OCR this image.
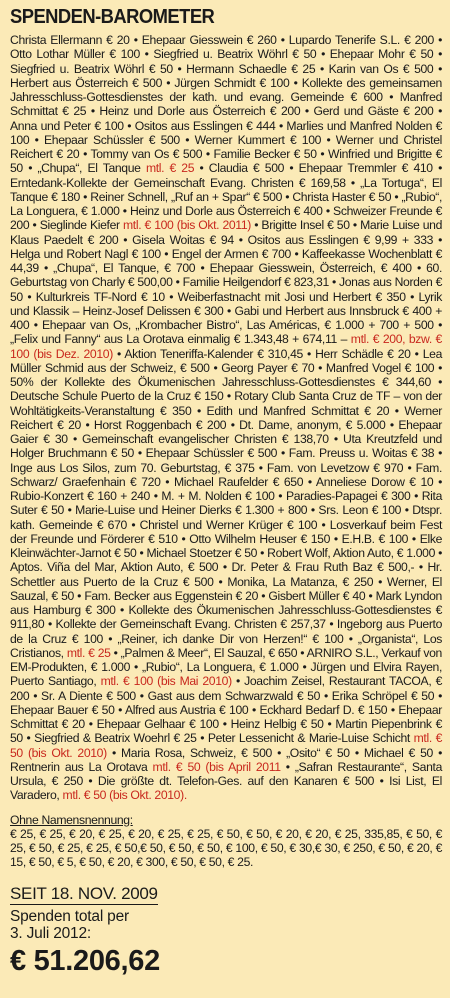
SPENDEN-BAROMETER

Christa Ellermann € 20 • Ehepaar Giesswein € 260 • Lupardo Tenerife S.L. € 200 • Otto Lothar Müller € 100 • Siegfried u. Beatrix Wöhrl € 50 • Ehepaar Mohr € 50 • Siegfried u. Beatrix Wöhrl € 50 • Hermann Schaedle € 25 • Karin van Os € 500 • Herbert aus Österreich € 500 • Jürgen Schmidt € 100 • Kollekte des gemeinsamen Jahresschluss-Gottesdienstes der kath. und evang. Gemeinde € 600 • Manfred Schmittat € 25 • Heinz und Dorle aus Österreich € 200 • Gerd und Gäste € 200 • Anna und Peter € 100 • Ositos aus Esslingen € 444 • Marlies und Manfred Nolden € 100 • Ehepaar Schüssler € 500 • Werner Kummert € 100 • Werner und Christel Reichert € 20 • Tommy van Os € 500 • Familie Becker € 50 • Winfried und Brigitte € 50 • „Chupa“, El Tanque mtl. € 25 • Claudia € 500 • Ehepaar Tremmler € 410 • Erntedank-Kollekte der Gemeinschaft Evang. Christen € 169,58 • „La Tortuga“, El Tanque € 180 • Reiner Schnell, „Ruf an + Spar“ € 500 • Christa Haster € 50 • „Rubio“, La Longuera, € 1.000 • Heinz und Dorle aus Österreich € 400 • Schweizer Freunde € 200 • Sieglinde Kiefer mtl. € 100 (bis Okt. 2011) • Brigitte Insel € 50 • Marie Luise und Klaus Paedelt € 200 • Gisela Woitas € 94 • Ositos aus Esslingen € 9,99 + 333 • Helga und Robert Nagl € 100 • Engel der Armen € 700 • Kaffeekasse Wochenblatt € 44,39 • „Chupa“, El Tanque, € 700 • Ehepaar Giesswein, Österreich, € 400 • 60. Geburtstag von Charly € 500,00 • Familie Heilgendorf € 823,31 • Jonas aus Norden € 50 • Kulturkreis TF-Nord € 10 • Weiberfastnacht mit Josi und Herbert € 350 • Lyrik und Klassik – Heinz-Josef Delissen € 300 • Gabi und Herbert aus Innsbruck € 400 + 400 • Ehepaar van Os, „Krombacher Bistro“, Las Américas, € 1.000 + 700 + 500 • „Felix und Fanny“ aus La Orotava einmalig € 1.343,48 + 674,11 – mtl. € 200, bzw. € 100 (bis Dez. 2010) • Aktion Teneriffa-Kalender € 310,45 • Herr Schädle € 20 • Lea Müller Schmid aus der Schweiz, € 500 • Georg Payer € 70 • Manfred Vogel € 100 • 50% der Kollekte des Ökumenischen Jahresschluss-Gottesdienstes € 344,60 • Deutsche Schule Puerto de la Cruz € 150 • Rotary Club Santa Cruz de TF – von der Wohltätigkeits-Veranstaltung € 350 • Edith und Manfred Schmittat € 20 • Werner Reichert € 20 • Horst Roggenbach € 200 • Dt. Dame, anonym, € 5.000 • Ehepaar Gaier € 30 • Gemeinschaft evangelischer Christen € 138,70 • Uta Kreutzfeld und Holger Bruchmann € 50 • Ehepaar Schüssler € 500 • Fam. Preuss u. Woitas € 38 • Inge aus Los Silos, zum 70. Geburtstag, € 375 • Fam. von Levetzow € 970 • Fam. Schwarz/ Graefenhain € 720 • Michael Raufelder € 650 • Anneliese Dorow € 10 • Rubio-Konzert € 160 + 240 • M. + M. Nolden € 100 • Paradies-Papagei € 300 • Rita Suter € 50 • Marie-Luise und Heiner Dierks € 1.300 + 800 • Srs. Leon € 100 • Dtspr. kath. Gemeinde € 670 • Christel und Werner Krüger € 100 • Losverkauf beim Fest der Freunde und Förderer € 510 • Otto Wilhelm Heuser € 150 • E.H.B. € 100 • Elke Kleinwächter-Jarnot € 50 • Michael Stoetzer € 50 • Robert Wolf, Aktion Auto, € 1.000 • Aptos. Viña del Mar, Aktion Auto, € 500 • Dr. Peter & Frau Ruth Baz € 500,- • Hr. Schettler aus Puerto de la Cruz € 500 • Monika, La Matanza, € 250 • Werner, El Sauzal, € 50 • Fam. Becker aus Eggenstein € 20 • Gisbert Müller € 40 • Mark Lyndon aus Hamburg € 300 • Kollekte des Ökumenischen Jahresschluss-Gottesdienstes € 911,80 • Kollekte der Gemeinschaft Evang. Christen € 257,37 • Ingeborg aus Puerto de la Cruz € 100 • „Reiner, ich danke Dir von Herzen!“ € 100 • „Organista“, Los Cristianos, mtl. € 25 • „Palmen & Meer“, El Sauzal, € 650 • ARNIRO S.L., Verkauf von EM-Produkten, € 1.000 • „Rubio“, La Longuera, € 1.000 • Jürgen und Elvira Rayen, Puerto Santiago, mtl. € 100 (bis Mai 2010) • Joachim Zeisel, Restaurant TACOA, € 200 • Sr. A Diente € 500 • Gast aus dem Schwarzwald € 50 • Erika Schröpel € 50 • Ehepaar Bauer € 50 • Alfred aus Austria € 100 • Eckhard Bedarf D. € 150 • Ehepaar Schmittat € 20 • Ehepaar Gelhaar € 100 • Heinz Helbig € 50 • Martin Piepenbrink € 50 • Siegfried & Beatrix Woehrl € 25 • Peter Lessenicht & Marie-Luise Schicht mtl. € 50 (bis Okt. 2010) • Maria Rosa, Schweiz, € 500 • „Osito“ € 50 • Michael € 50 • Rentnerin aus La Orotava mtl. € 50 (bis April 2011 • „Safran Restaurante“, Santa Ursula, € 250 • Die größte dt. Telefon-Ges. auf den Kanaren € 500 • Isi List, El Varadero, mtl. € 50 (bis Okt. 2010).

Ohne Namensnennung:

€ 25, € 25, € 20, € 25, € 20, € 25, € 25, € 50, € 50, € 20, € 20, € 25, 335,85, € 50, € 25, € 50, € 25, € 25, € 50,€ 50, € 50, € 50, € 100, € 50, € 30,€ 30, € 250, € 50, € 20, € 15, € 50, € 5, € 50, € 20, € 300, € 50, € 50, € 25.

SEIT 18. NOV. 2009
Spenden total per
3. Juli 2012:
€ 51.206,62
